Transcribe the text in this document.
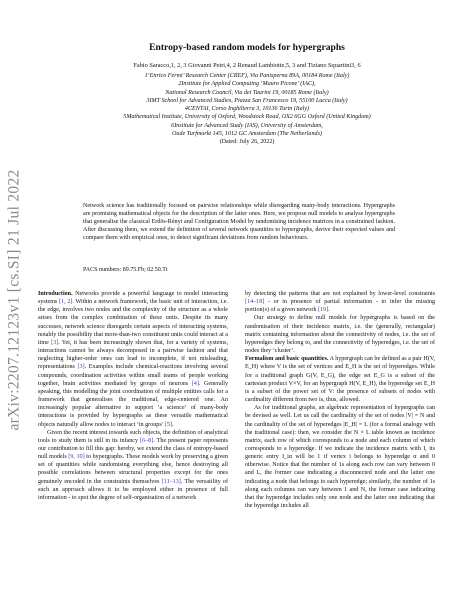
arXiv:2207.12123v1 [cs.SI] 21 Jul 2022
Entropy-based random models for hypergraphs
Fabio Saracco,1, 2, 3 Giovanni Petri,4, 2 Renaud Lambiotte,5, 3 and Tiziano Squartini3, 6
1‘Enrico Fermi’ Research Center (CREF), Via Panisperna 89A, 00184 Rome (Italy)
2Institute for Applied Computing ‘Mauro Picone’ (IAC),
National Research Council, Via dei Taurini 19, 00185 Rome (Italy)
3IMT School for Advanced Studies, Piazza San Francesco 19, 55100 Lucca (Italy)
4CENTAI, Corso Inghilterra 3, 10136 Turin (Italy)
5Mathematical Institute, University of Oxford, Woodstock Road, OX2 6GG Oxford (United Kingdom)
6Institute for Advanced Study (IAS), University of Amsterdam,
Oude Turfmarkt 145, 1012 GC Amsterdam (The Netherlands)
(Dated: July 26, 2022)
Network science has traditionally focused on pairwise relationships while disregarding many-body interactions. Hypergraphs are promising mathematical objects for the description of the latter ones. Here, we propose null models to analyse hypergraphs that generalise the classical Erdös-Rényi and Configuration Model by randomising incidence matrices in a constrained fashion. After discussing them, we extend the definition of several network quantities to hypergraphs, derive their expected values and compare them with empirical ones, to detect significant deviations from random behaviours.
PACS numbers: 89.75.Fb; 02.50.Tt

Introduction. Networks provide a powerful language to model interacting systems [1, 2]. Within a network framework, the basic unit of interaction, i.e. the edge, involves two nodes and the complexity of the structure as a whole arises from the complex combination of these units. Despite its many successes, network science disregards certain aspects of interacting systems, notably the possibility that more-than-two constituent units could interact at a time [3]. Yet, it has been increasingly shown that, for a variety of systems, interactions cannot be always decomposed in a pairwise fashion and that neglecting higher-order ones can lead to incomplete, if not misleading, representations [3]. Examples include chemical-reactions involving several compounds, coordination activities within small teams of people working together, brain activities mediated by groups of neurons [4]. Generally speaking, this modelling the joint coordination of multiple entities calls for a framework that generalises the traditional, edge-centered one. An increasingly popular alternative to support ‘a science’ of many-body interactions is provided by hypergraphs as these versatile mathematical objects naturally allow nodes to interact ‘in groups’ [5].

Given the recent interest towards such objects, the definition of analytical tools to study them is still in its infancy [6–8]. The present paper represents our contribution to fill this gap: hereby, we extend the class of entropy-based null models [9, 10] to hypergraphs. These models work by preserving a given set of quantities while randomising everything else, hence destroying all possible correlations between structural properties except for the ones genuinely encoded in the constraints themselves [11–13]. The versatility of such an approach allows it to be employed either in presence of full information - to spot the degree of self-organisation of a network

by detecting the patterns that are not explained by lower-level constraints [14–18] - or in presence of partial information - to infer the missing portion(s) of a given network [19].

Our strategy to define null models for hypergraphs is based on the randomisation of their incidence matrix, i.e. the (generally, rectangular) matrix containing information about the connectivity of nodes, i.e. the set of hyperedges they belong to, and the connectivity of hyperedges, i.e. the set of nodes they ‘cluster’.

Formalism and basic quantities. A hypergraph can be defined as a pair H(V, E_H) where V is the set of vertices and E_H is the set of hyperedges. While for a traditional graph G(V, E_G), the edge set E_G is a subset of the cartesian product V×V, for an hypergraph H(V, E_H), the hyperedge set E_H is a subset of the power set of V: the presence of subsets of nodes with cardinality different from two is, thus, allowed.

As for traditional graphs, an algebraic representation of hypergraphs can be devised as well. Let us call the cardinality of the set of nodes |V| = N and the cardinality of the set of hyperedges |E_H| = L (for a formal analogy with the traditional case): then, we consider the N × L table known as incidence matrix, each row of which corresponds to a node and each column of which corresponds to a hyperedge. If we indicate the incidence matrix with I, its generic entry I_iα will be 1 if vertex i belongs to hyperedge α and 0 otherwise. Notice that the number of 1s along each row can vary between 0 and L, the former case indicating a disconnected node and the latter one indicating a node that belongs to each hyperedge; similarly, the number of 1s along each columns can vary between 1 and N, the former case indicating that the hyperedge includes only one node and the latter one indicating that the hyperedge includes all
